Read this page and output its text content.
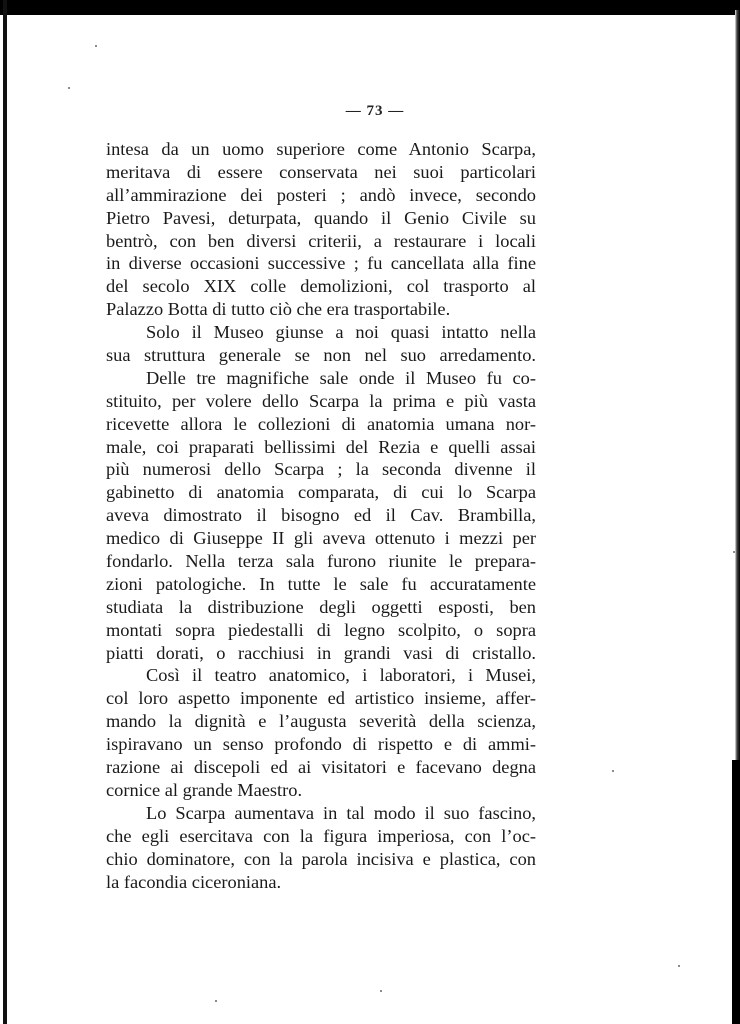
— 73 —
intesa da un uomo superiore come Antonio Scarpa,
meritava di essere conservata nei suoi particolari
all’ammirazione dei posteri ; andò invece, secondo
Pietro Pavesi, deturpata, quando il Genio Civile su
bentrò, con ben diversi criterii, a restaurare i locali
in diverse occasioni successive ; fu cancellata alla fine
del secolo XIX colle demolizioni, col trasporto al
Palazzo Botta di tutto ciò che era trasportabile.
Solo il Museo giunse a noi quasi intatto nella
sua struttura generale se non nel suo arredamento.
Delle tre magnifiche sale onde il Museo fu co-
stituito, per volere dello Scarpa la prima e più vasta
ricevette allora le collezioni di anatomia umana nor-
male, coi praparati bellissimi del Rezia e quelli assai
più numerosi dello Scarpa ; la seconda divenne il
gabinetto di anatomia comparata, di cui lo Scarpa
aveva dimostrato il bisogno ed il Cav. Brambilla,
medico di Giuseppe II gli aveva ottenuto i mezzi per
fondarlo. Nella terza sala furono riunite le prepara-
zioni patologiche. In tutte le sale fu accuratamente
studiata la distribuzione degli oggetti esposti, ben
montati sopra piedestalli di legno scolpito, o sopra
piatti dorati, o racchiusi in grandi vasi di cristallo.
Così il teatro anatomico, i laboratori, i Musei,
col loro aspetto imponente ed artistico insieme, affer-
mando la dignità e l’augusta severità della scienza,
ispiravano un senso profondo di rispetto e di ammi-
razione ai discepoli ed ai visitatori e facevano degna
cornice al grande Maestro.
Lo Scarpa aumentava in tal modo il suo fascino,
che egli esercitava con la figura imperiosa, con l’oc-
chio dominatore, con la parola incisiva e plastica, con
la facondia ciceroniana.
